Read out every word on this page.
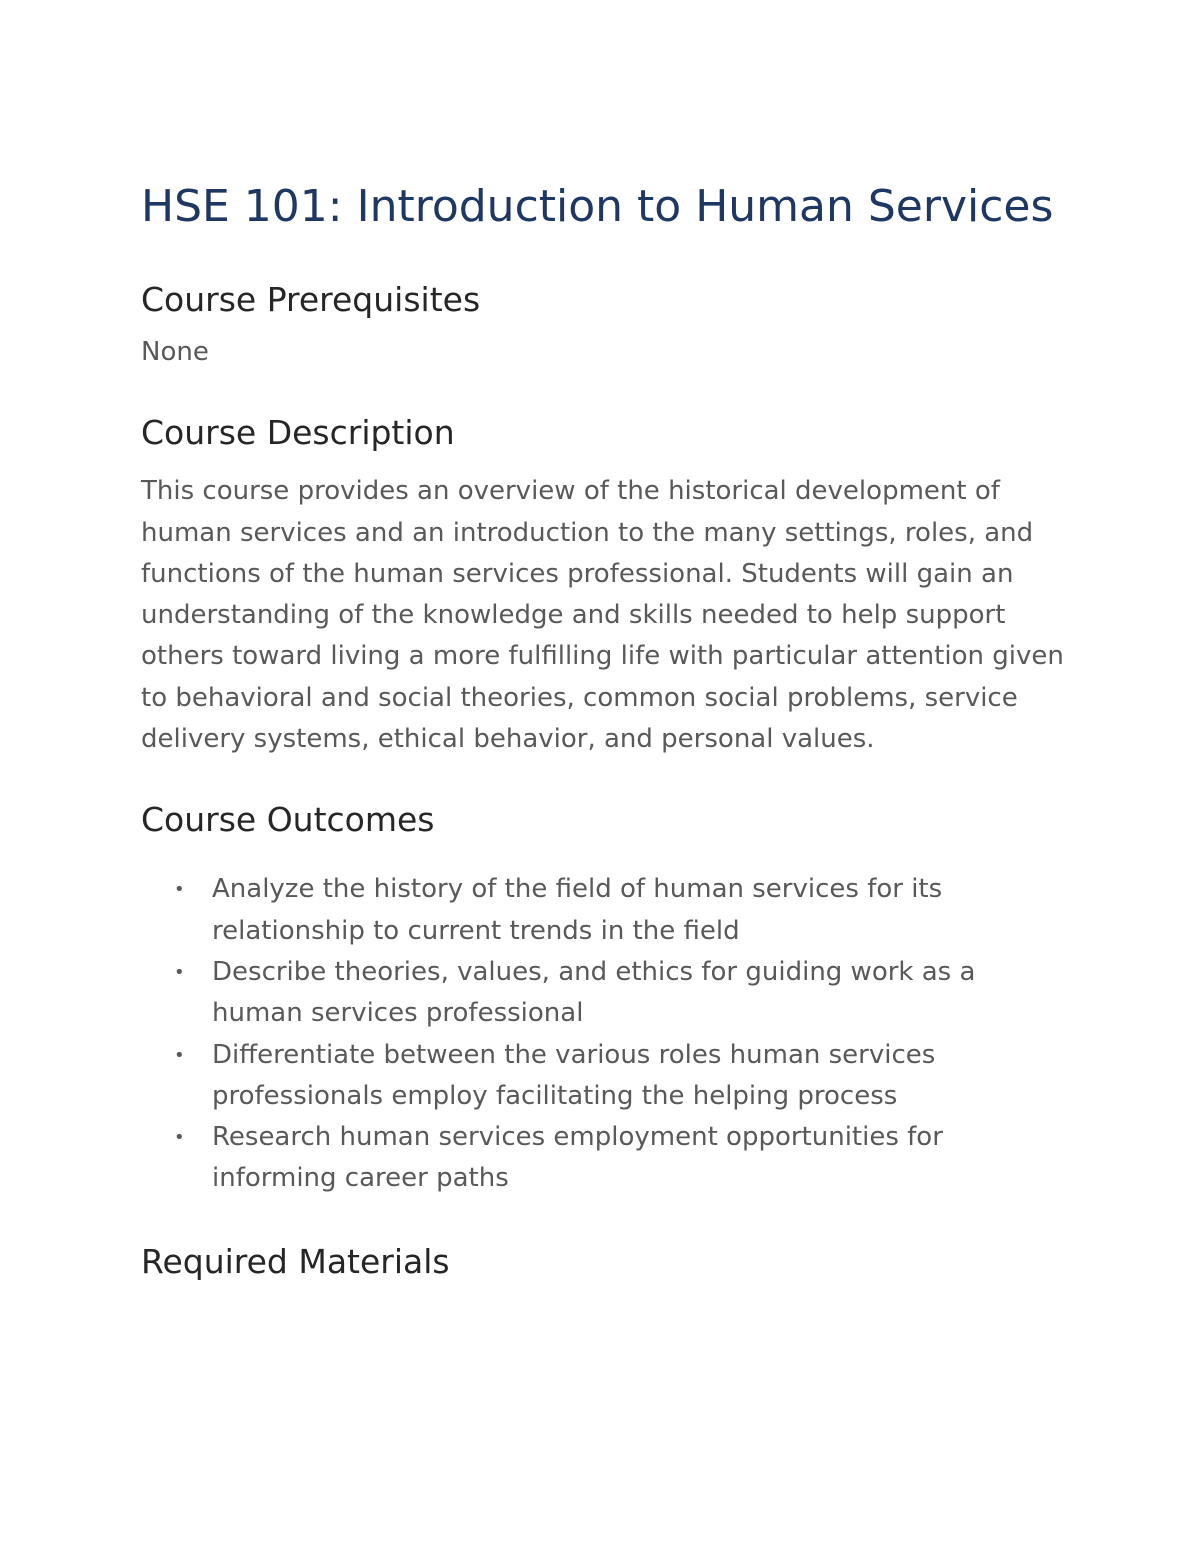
HSE 101: Introduction to Human Services
Course Prerequisites

None

Course Description

This course provides an overview of the historical development of human services and an introduction to the many settings, roles, and functions of the human services professional. Students will gain an understanding of the knowledge and skills needed to help support others toward living a more fulfilling life with particular attention given to behavioral and social theories, common social problems, service delivery systems, ethical behavior, and personal values.

Course Outcomes
• Analyze the history of the field of human services for its relationship to current trends in the field
• Describe theories, values, and ethics for guiding work as a human services professional
• Differentiate between the various roles human services professionals employ facilitating the helping process
• Research human services employment opportunities for informing career paths
Required Materials
